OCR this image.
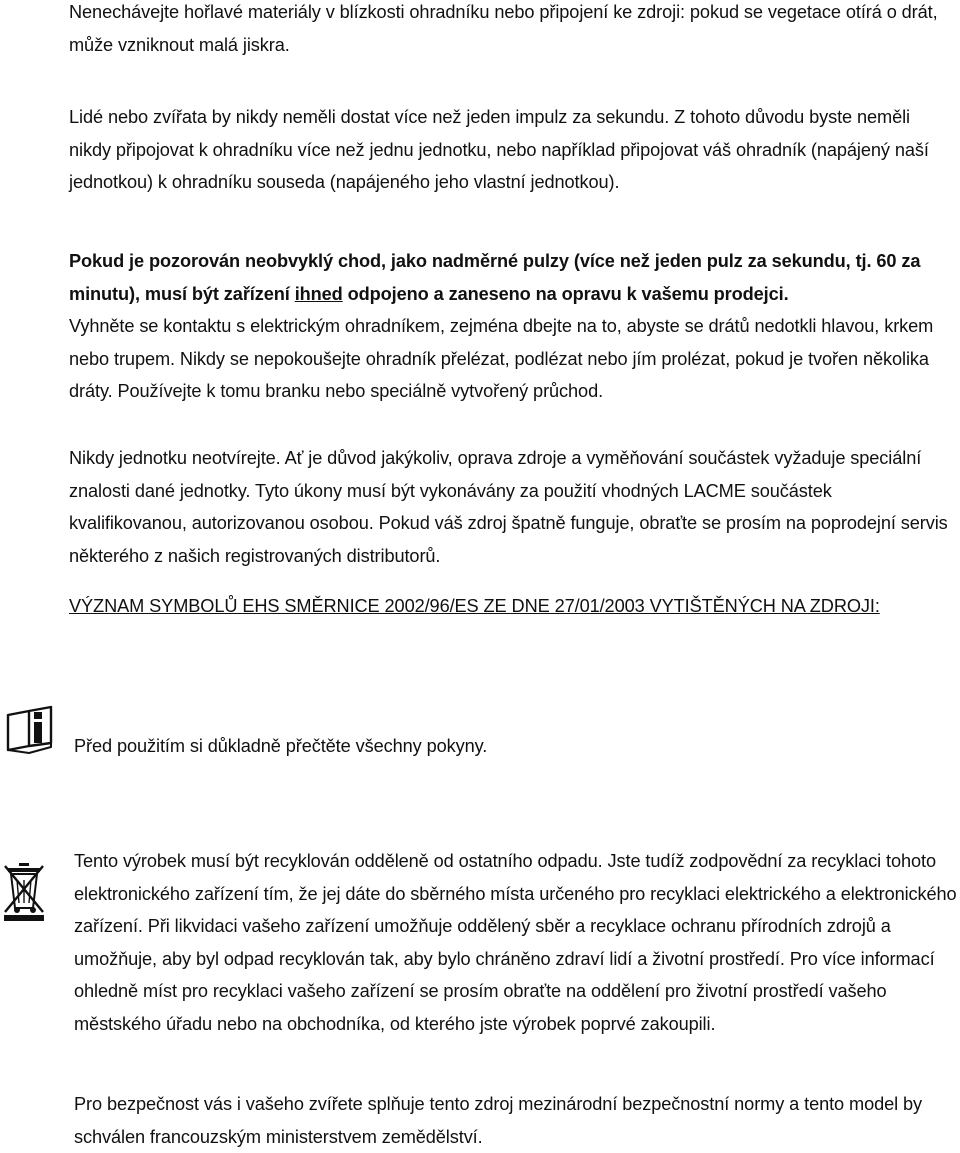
Nenechávejte hořlavé materiály v blízkosti ohradníku nebo připojení ke zdroji: pokud se vegetace otírá o drát, může vzniknout malá jiskra.

Lidé nebo zvířata by nikdy neměli dostat více než jeden impulz za sekundu. Z tohoto důvodu byste neměli nikdy připojovat k ohradníku více než jednu jednotku, nebo například připojovat váš ohradník (napájený naší jednotkou) k ohradníku souseda (napájeného jeho vlastní jednotkou).

Pokud je pozorován neobvyklý chod, jako nadměrné pulzy (více než jeden pulz za sekundu, tj. 60 za minutu), musí být zařízení ihned odpojeno a zaneseno na opravu k vašemu prodejci.

Vyhněte se kontaktu s elektrickým ohradníkem, zejména dbejte na to, abyste se drátů nedotkli hlavou, krkem nebo trupem. Nikdy se nepokoušejte ohradník přelézat, podlézat nebo jím prolézat, pokud je tvořen několika dráty. Používejte k tomu branku nebo speciálně vytvořený průchod.

Nikdy jednotku neotvírejte. Ať je důvod jakýkoliv, oprava zdroje a vyměňování součástek vyžaduje speciální znalosti dané jednotky. Tyto úkony musí být vykonávány za použití vhodných LACME součástek kvalifikovanou, autorizovanou osobou. Pokud váš zdroj špatně funguje, obraťte se prosím na poprodejní servis některého z našich registrovaných distributorů.

VÝZNAM SYMBOLŮ EHS SMĚRNICE 2002/96/ES ZE DNE 27/01/2003 VYTIŠTĚNÝCH NA ZDROJI:

Před použitím si důkladně přečtěte všechny pokyny.

Tento výrobek musí být recyklován odděleně od ostatního odpadu. Jste tudíž zodpovědní za recyklaci tohoto elektronického zařízení tím, že jej dáte do sběrného místa určeného pro recyklaci elektrického a elektronického zařízení. Při likvidaci vašeho zařízení umožňuje oddělený sběr a recyklace ochranu přírodních zdrojů a umožňuje, aby byl odpad recyklován tak, aby bylo chráněno zdraví lidí a životní prostředí. Pro více informací ohledně míst pro recyklaci vašeho zařízení se prosím obraťte na oddělení pro životní prostředí vašeho městského úřadu nebo na obchodníka, od kterého jste výrobek poprvé zakoupili.

Pro bezpečnost vás i vašeho zvířete splňuje tento zdroj mezinárodní bezpečnostní normy a tento model by schválen francouzským ministerstvem zemědělství.
